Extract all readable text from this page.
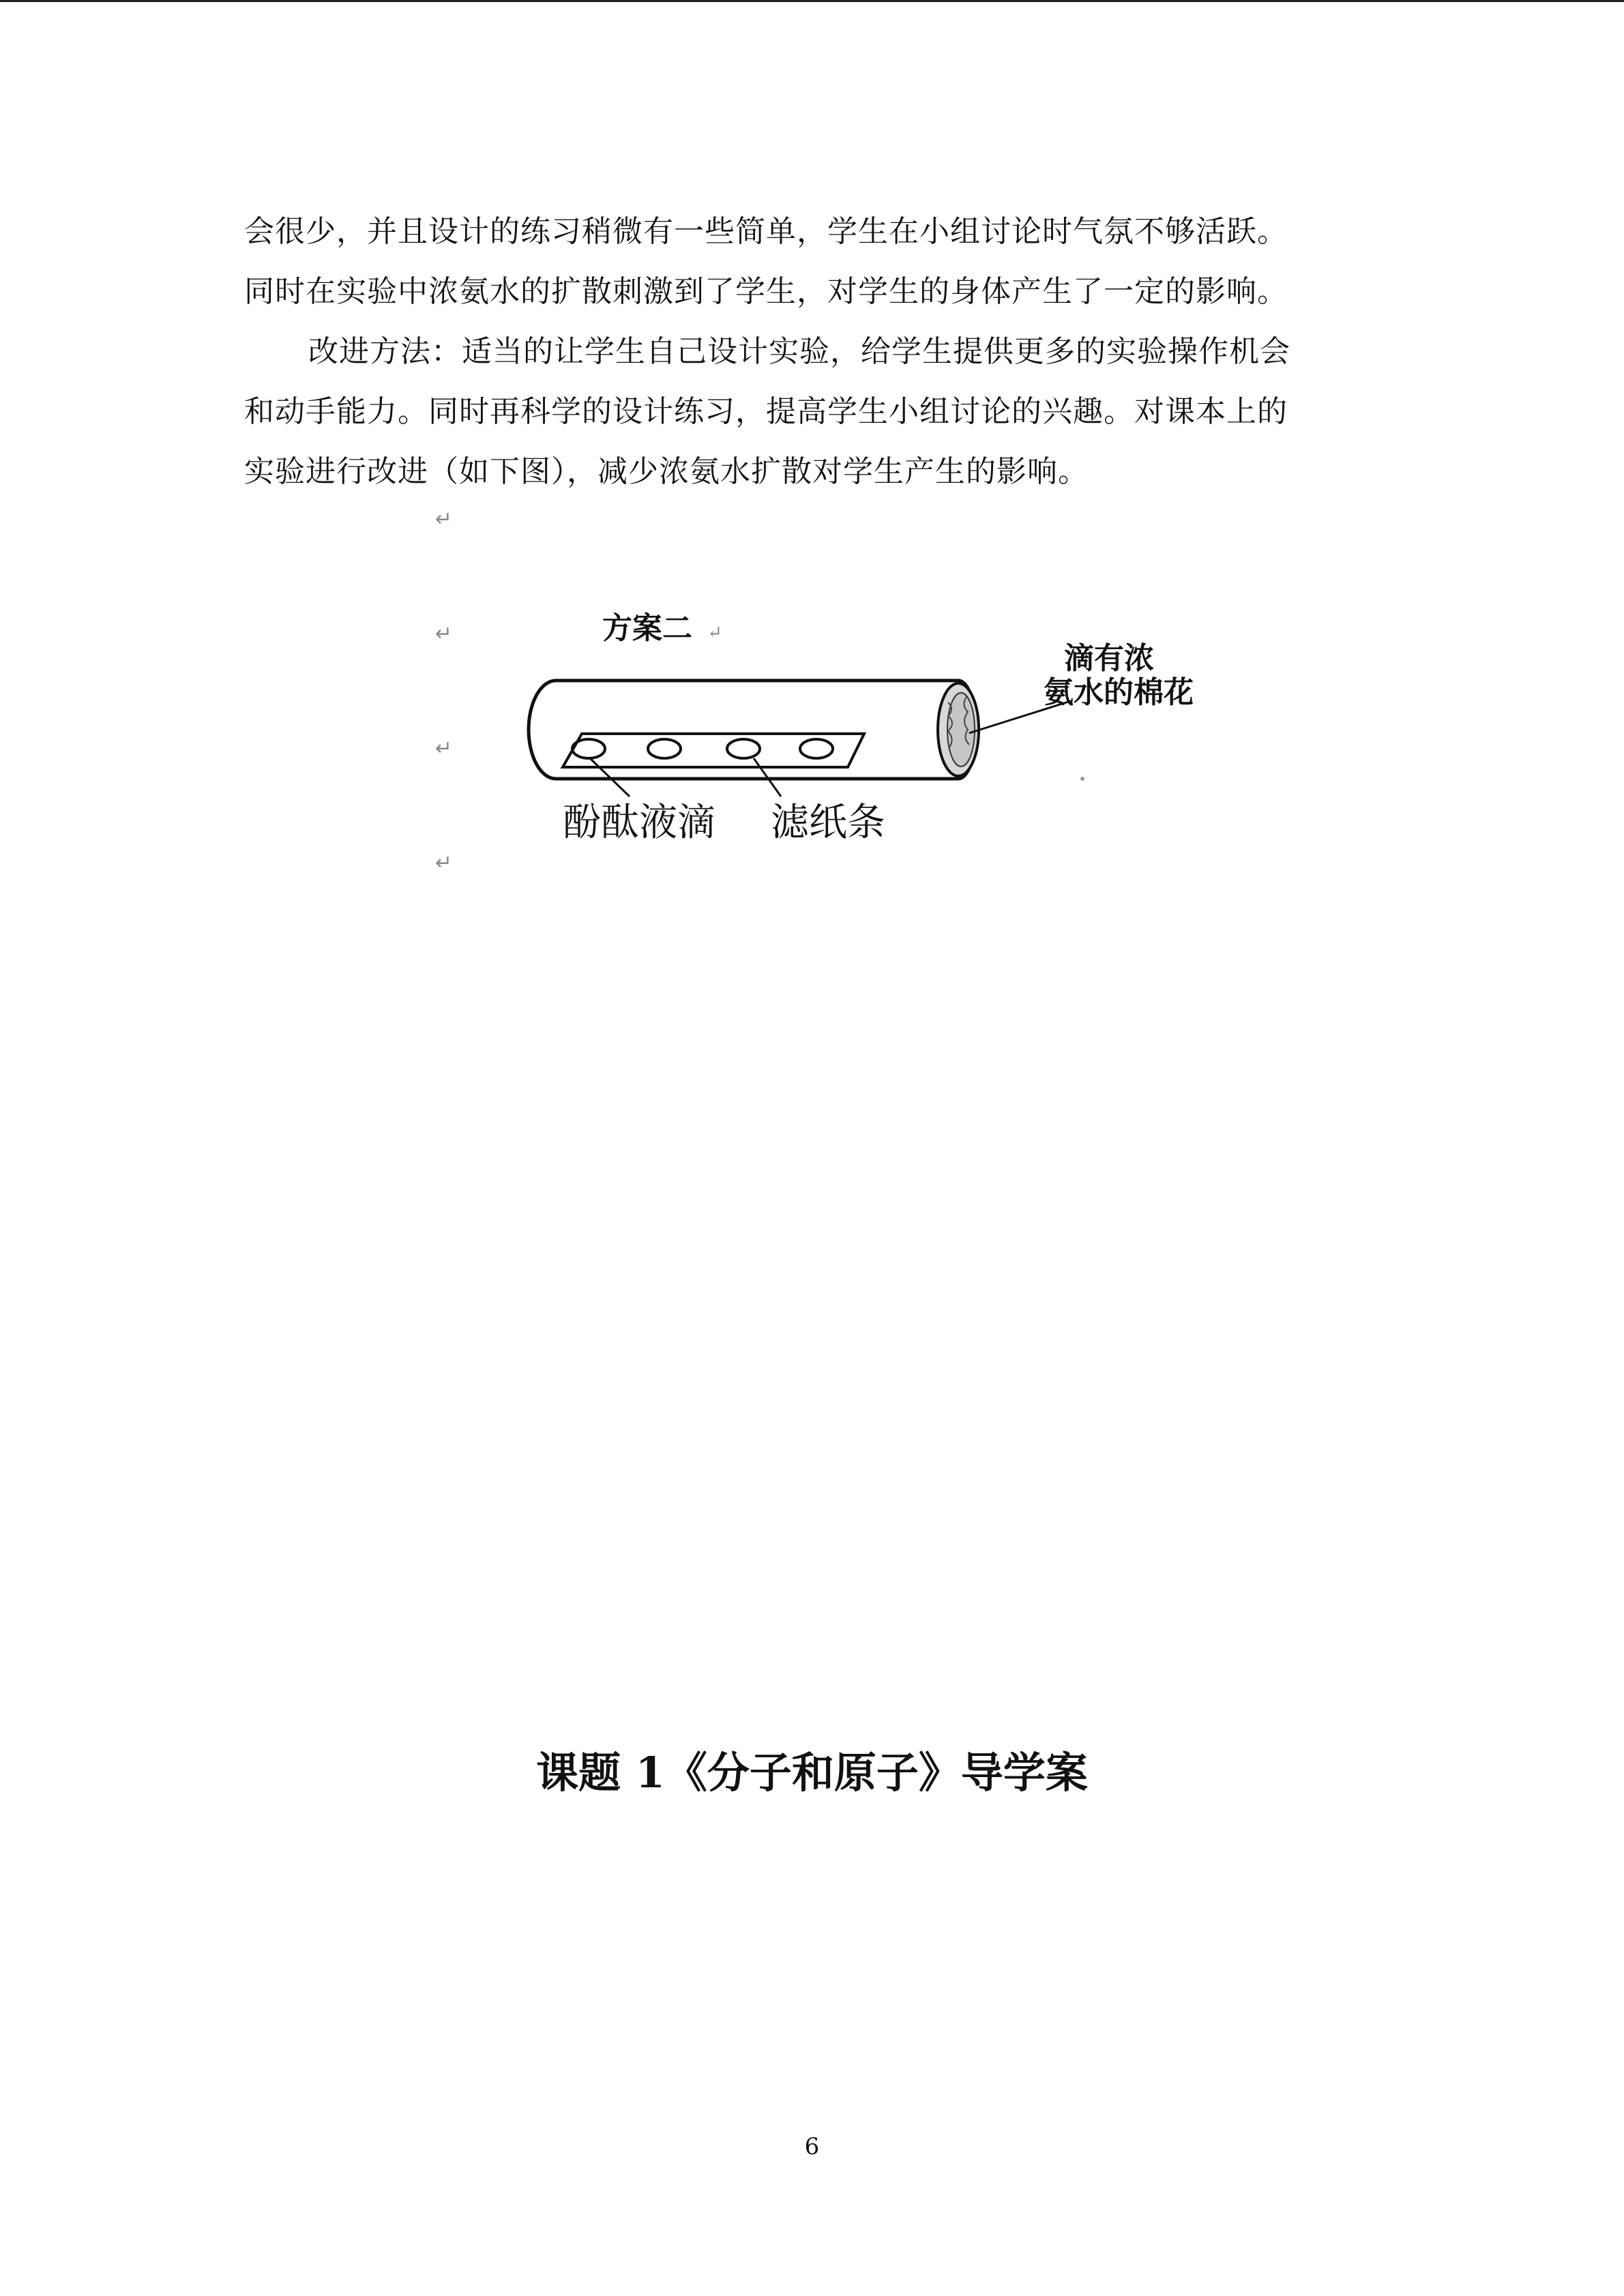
会很少，并且设计的练习稍微有一些简单，学生在小组讨论时气氛不够活跃。
同时在实验中浓氨水的扩散刺激到了学生，对学生的身体产生了一定的影响。
改进方法：适当的让学生自己设计实验，给学生提供更多的实验操作机会
和动手能力。同时再科学的设计练习，提高学生小组讨论的兴趣。对课本上的
实验进行改进（如下图），减少浓氨水扩散对学生产生的影响。
↵
↵
↵
↵
方案二 ↵
滴有浓
氨水的棉花
酚酞液滴 滤纸条
课题 1《分子和原子》导学案
6
